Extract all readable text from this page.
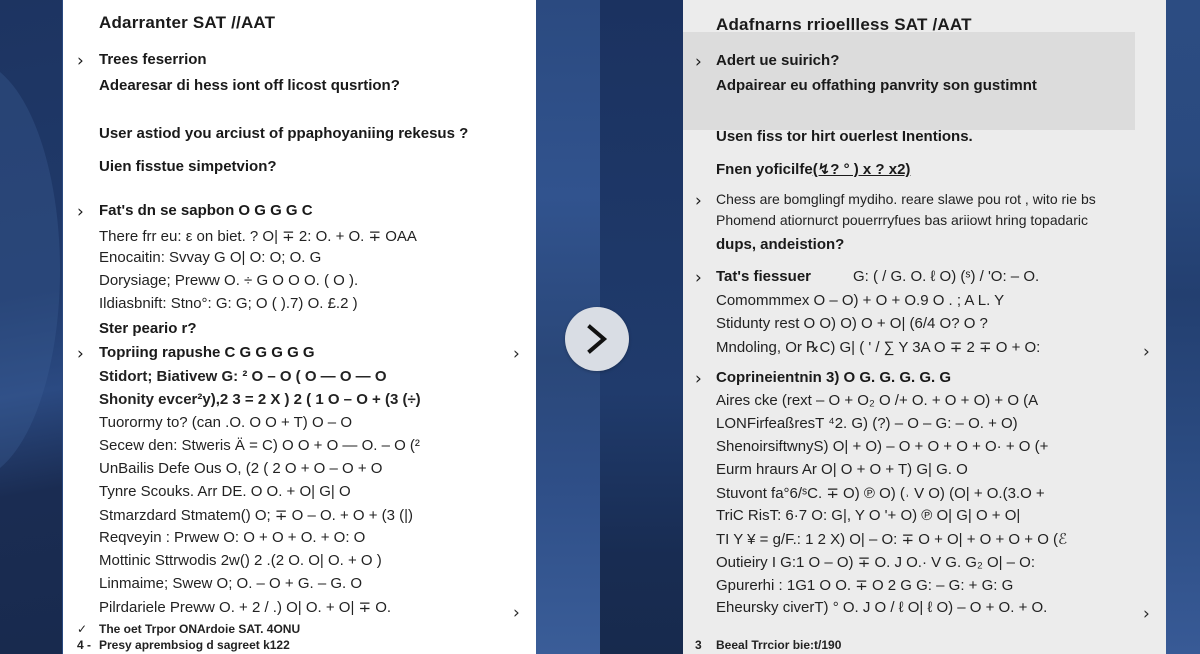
Adarranter SAT //AAT
› Trees feserrion
Adearesar di hess iont off licost qusrtion?
User astiod you arciust of ppaphoyaniing rekesus ?
Uien fisstue simpetvion?
› Fat's dn se sapbon O G G G C
There frr eu: ε on biet. ? O| ∓ 2: O. + O. ∓ OAA
Enocaitin: Svvay G O| O: O; O. G
Dorysiage; Preww O. ÷ G O O O. ( O ).
Ildiasbnift: Stno°: G: G; O ( ).7) O. £.2 )
Ster peario r?
› Topriing rapushe C G G G G G	›
Stidort; Biativew G: ² O – O ( O — O — O
Shonity evcer²y),2 3 = 2 X ) 2 ( 1 O – O + (3 (÷)
Tuorormy to? (can .O. O O + T) O – O
Secew den: Stweris Ä = C) O O + O — O. – O (²
UnBailis Defe Ous O, (2 ( 2 O + O – O + O
Tynre Scouks. Arr DE. O O. + O| G| O
Stmarzdard Stmatem() O; ∓ O – O. + O + (3 (|)
Reqveyin : Prwew O: O + O + O. + O: O
Mottinic Sttrwodis 2w() 2 .(2 O. O| O. + O )
Linmaime; Swew O; O. – O + G. – G. O
Pilrdariele Preww O. + 2 / .) O| O. + O| ∓ O.	›
✓ The oet Trpor ONArdoie SAT. 4ONU
4 - Presy aprembsiog d sagreet k122
Adafnarns rrioellless SAT /AAT
› Adert ue suirich?
Adpairear eu offathing panvrity son gustimnt
Usen fiss tor hirt ouerlest Inentions.
Fnen yoficilfe(↯? ° ) x ? x2)
› Chess are bomglingf mydiho. reare slawe pou rot , wito rie bs
Phomend atiornurct pouerrryfues bas ariiowt hring topadaric
dups, andeistion?
› Tat's fiessuer	G: ( / G. O. ℓ O) (ˢ) / 'O: – O.
Comommmex O – O) + O + O.9 O . ; A L. Y
Stidunty rest O O) O) O + O| (6/4 O? O ?
Mndoling, Or ℞C) G| ( ' / ∑ Y 3A O ∓ 2 ∓ O + O:	›
› Coprineientnin 3) O G. G. G. G. G
Aires cke (rext – O + O₂ O /+ O. + O + O) + O (A
LONFirfeaßresT ⁴2. G) (?) – O – G: – O. + O)
ShenoirsiftwnyS) O| + O) – O + O + O + O· + O (+
Eurm hraurs Ar O| O + O + T) G| G. O
Stuvont fa°6/ˢC. ∓ O) ℗ O) (˒ V O) (O| + O.(3.O +
TriC RisT: 6·7 O: G|, Y O '+ O) ℗ O| G| O + O|
TI Y ¥ = g/F.: 1 2 X) O| – O: ∓ O + O| + O + O + O (ℰ
Outieiry I G:1 O – O) ∓ O. J O.· V G. G₂ O| – O:
Gpurerhi : 1G1 O O. ∓ O 2 G G: – G: + G: G
Eheursky civerT) ° O. J O / ℓ O| ℓ O) – O + O. + O.	›
3 Beeal Trrcior bie:t/190
